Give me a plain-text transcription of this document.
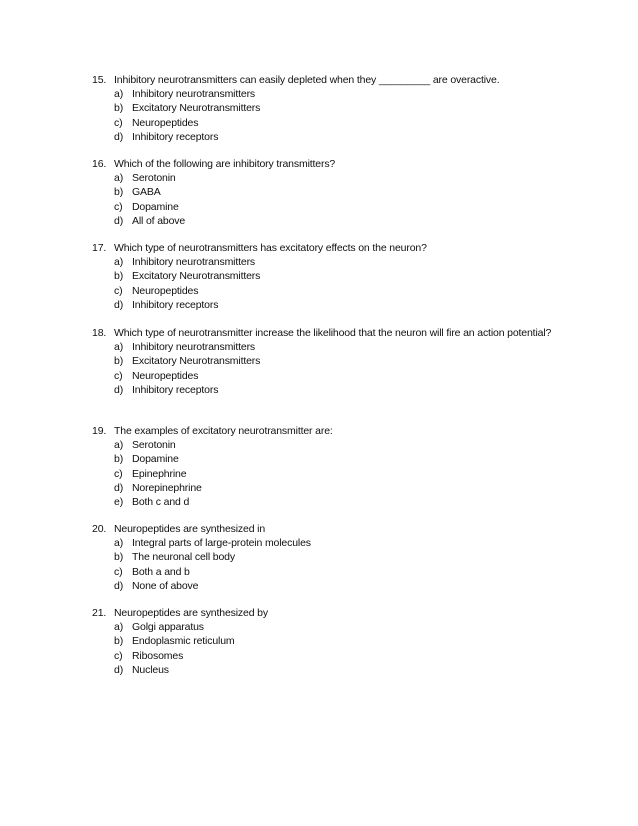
15. Inhibitory neurotransmitters can easily depleted when they _________ are overactive.
a) Inhibitory neurotransmitters
b) Excitatory Neurotransmitters
c) Neuropeptides
d) Inhibitory receptors
16. Which of the following are inhibitory transmitters?
a) Serotonin
b) GABA
c) Dopamine
d) All of above
17. Which type of neurotransmitters has excitatory effects on the neuron?
a) Inhibitory neurotransmitters
b) Excitatory Neurotransmitters
c) Neuropeptides
d) Inhibitory receptors
18. Which type of neurotransmitter increase the likelihood that the neuron will fire an action potential?
a) Inhibitory neurotransmitters
b) Excitatory Neurotransmitters
c) Neuropeptides
d) Inhibitory receptors
19. The examples of excitatory neurotransmitter are:
a) Serotonin
b) Dopamine
c) Epinephrine
d) Norepinephrine
e) Both c and d
20. Neuropeptides are synthesized in
a) Integral parts of large-protein molecules
b) The neuronal cell body
c) Both a and b
d) None of above
21. Neuropeptides are synthesized by
a) Golgi apparatus
b) Endoplasmic reticulum
c) Ribosomes
d) Nucleus
